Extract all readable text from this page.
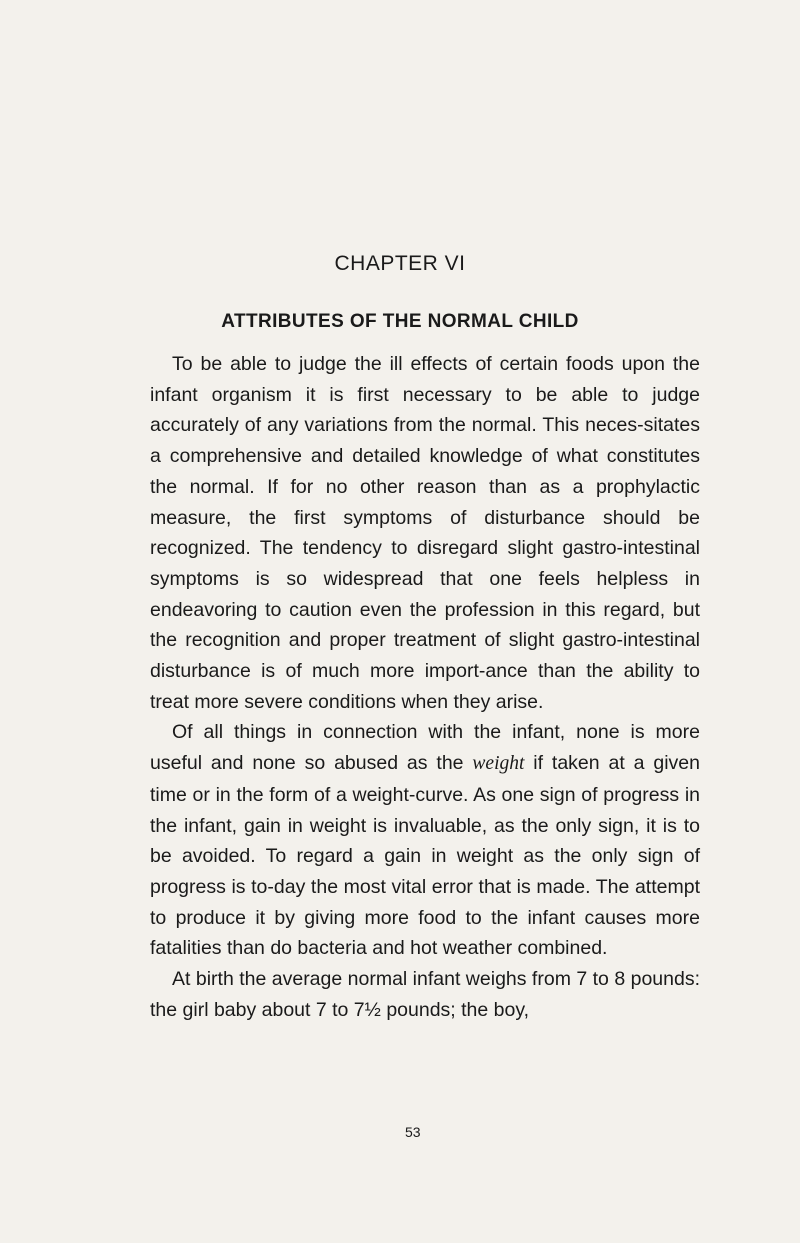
CHAPTER VI
ATTRIBUTES OF THE NORMAL CHILD

To be able to judge the ill effects of certain foods upon the infant organism it is first necessary to be able to judge accurately of any variations from the normal. This neces-sitates a comprehensive and detailed knowledge of what constitutes the normal. If for no other reason than as a prophylactic measure, the first symptoms of disturbance should be recognized. The tendency to disregard slight gastro-intestinal symptoms is so widespread that one feels helpless in endeavoring to caution even the profession in this regard, but the recognition and proper treatment of slight gastro-intestinal disturbance is of much more import-ance than the ability to treat more severe conditions when they arise.

Of all things in connection with the infant, none is more useful and none so abused as the weight if taken at a given time or in the form of a weight-curve. As one sign of progress in the infant, gain in weight is invaluable, as the only sign, it is to be avoided. To regard a gain in weight as the only sign of progress is to-day the most vital error that is made. The attempt to produce it by giving more food to the infant causes more fatalities than do bacteria and hot weather combined.

At birth the average normal infant weighs from 7 to 8 pounds: the girl baby about 7 to 7½ pounds; the boy,

53
